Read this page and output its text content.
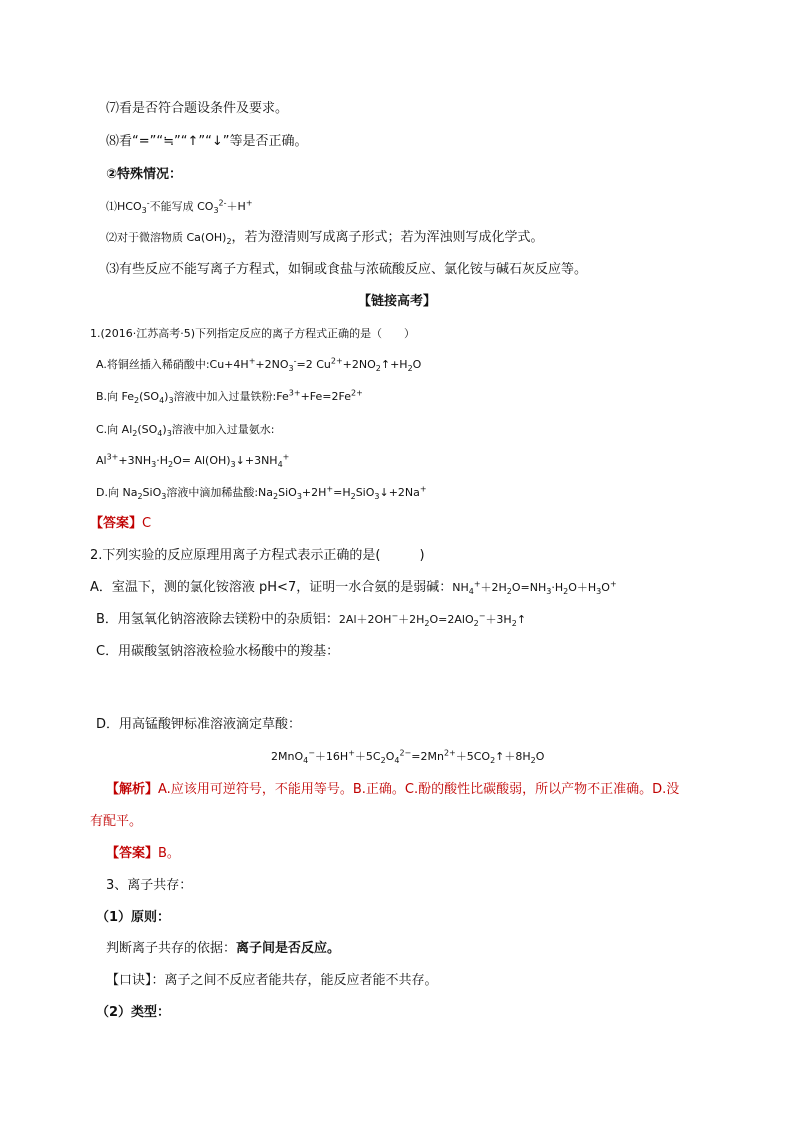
⑺看是否符合题设条件及要求。
⑻看“=”“≒”“↑”“↓”等是否正确。
②特殊情况：
$⑴HCO_3^-$不能写成 $CO_3^{2-}+H^+$
⑵对于微溶物质 $Ca(OH)_2$，若为澄清则写成离子形式；若为浑浊则写成化学式。
⑶有些反应不能写离子方程式，如铜或食盐与浓硫酸反应、氯化铵与碱石灰反应等。
【链接高考】
1.(2016·江苏高考·5)下列指定反应的离子方程式正确的是（　　）
A.将铜丝插入稀硝酸中$:Cu+4H^++2NO_3^-=2$ $Cu^{2+}+2NO_2↑+H_2O$
B.向 $Fe_2(SO_4)_3$溶液中加入过量铁粉$:Fe^{3+}+Fe=2Fe^{2+}$
C.向 $Al_2(SO_4)_3$溶液中加入过量氨水:
$Al^{3+}+3NH_3\cdot H_2O=$ $Al(OH)_3↓+3NH_4^+$
D.向 $Na_2SiO_3$溶液中滴加稀盐酸$:Na_2SiO_3+2H^+=H_2SiO_3↓+2Na^+$
【答案】C
2.下列实验的反应原理用离子方程式表示正确的是(　　　)
A．室温下，测的氯化铵溶液 pH<7，证明一水合氨的是弱碱：$NH_4^++2H_2O=NH_3\cdot H_2O+H_3O^+$
B．用氢氧化钠溶液除去镁粉中的杂质铝：$2Al+2OH^-+2H_2O=2AlO_2^-+3H_2↑$
C．用碳酸氢钠溶液检验水杨酸中的羧基：
D．用高锰酸钾标准溶液滴定草酸：
$2MnO_4^-+16H^++5C_2O_4^{2-}=2Mn^{2+}+5CO_2↑+8H_2O$
【解析】A.应该用可逆符号，不能用等号。B.正确。C.酚的酸性比碳酸弱，所以产物不正准确。D.没
有配平。
【答案】B。
3、离子共存：
（1）原则：
判断离子共存的依据：离子间是否反应。
【口诀】：离子之间不反应者能共存，能反应者能不共存。
（2）类型：
